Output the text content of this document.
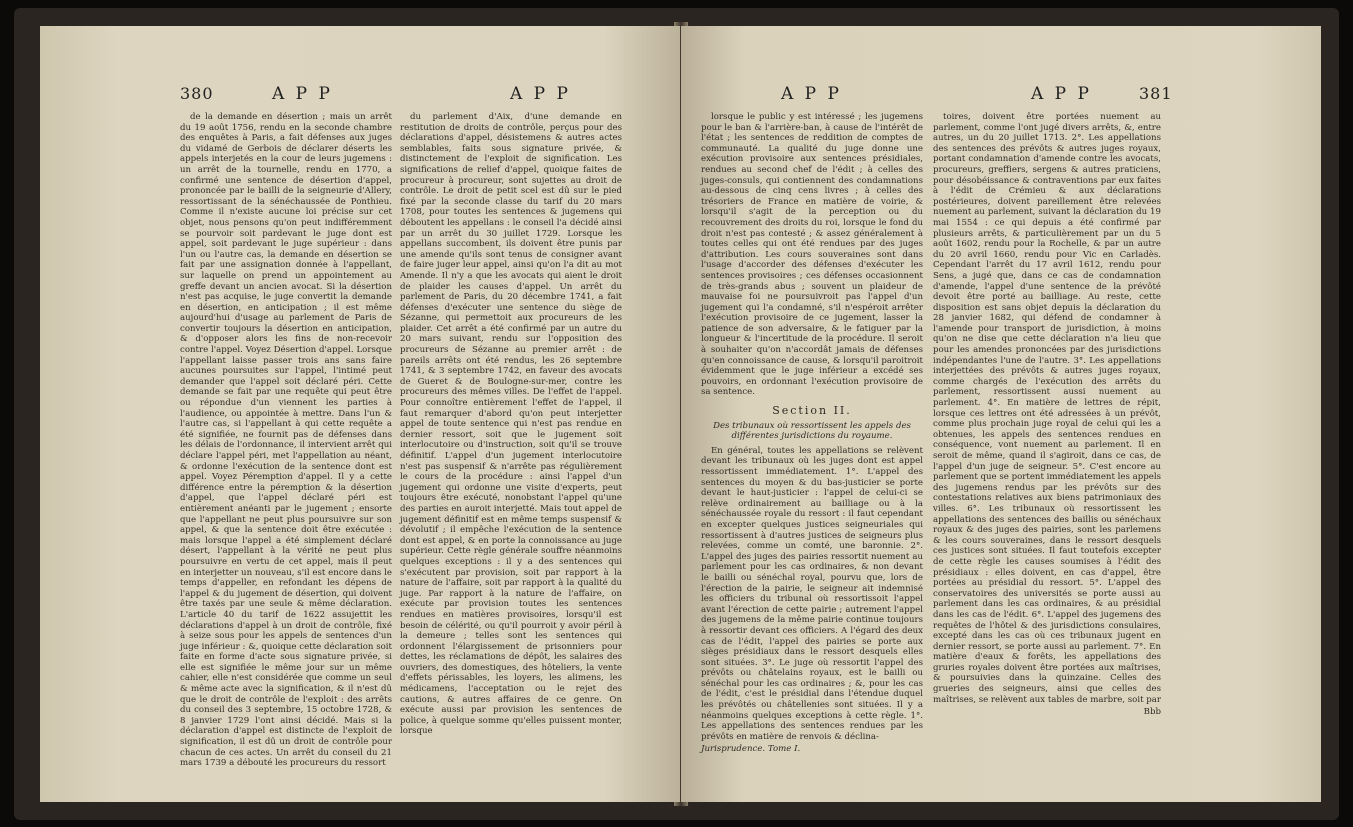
380	A P P	A P P

de la demande en désertion ; mais un arrêt du 19 août 1756, rendu en la seconde chambre des enquêtes à Paris, a fait défenses aux juges du vidamé de Gerbois de déclarer déserts les appels interjetés en la cour de leurs jugemens : un arrêt de la tournelle, rendu en 1770, a confirmé une sentence de désertion d'appel, prononcée par le bailli de la seigneurie d'Allery, ressortissant de la sénéchaussée de Ponthieu. Comme il n'existe aucune loi précise sur cet objet, nous pensons qu'on peut indifféremment se pourvoir soit pardevant le juge dont est appel, soit pardevant le juge supérieur : dans l'un ou l'autre cas, la demande en désertion se fait par une assignation donnée à l'appellant, sur laquelle on prend un appointement au greffe devant un ancien avocat. Si la désertion n'est pas acquise, le juge convertit la demande en désertion, en anticipation ; il est même aujourd'hui d'usage au parlement de Paris de convertir toujours la désertion en anticipation, & d'opposer alors les fins de non-recevoir contre l'appel. Voyez Désertion d'appel. Lorsque l'appellant laisse passer trois ans sans faire aucunes poursuites sur l'appel, l'intimé peut demander que l'appel soit déclaré péri. Cette demande se fait par une requête qui peut être ou répondue d'un viennent les parties à l'audience, ou appointée à mettre. Dans l'un & l'autre cas, si l'appellant à qui cette requête a été signifiée, ne fournit pas de défenses dans les délais de l'ordonnance, il intervient arrêt qui déclare l'appel péri, met l'appellation au néant, & ordonne l'exécution de la sentence dont est appel. Voyez Péremption d'appel. Il y a cette différence entre la péremption & la désertion d'appel, que l'appel déclaré péri est entièrement anéanti par le jugement ; ensorte que l'appellant ne peut plus poursuivre sur son appel, & que la sentence doit être exécutée : mais lorsque l'appel a été simplement déclaré désert, l'appellant à la vérité ne peut plus poursuivre en vertu de cet appel, mais il peut en interjetter un nouveau, s'il est encore dans le temps d'appeller, en refondant les dépens de l'appel & du jugement de désertion, qui doivent être taxés par une seule & même déclaration. L'article 40 du tarif de 1622 assujettit les déclarations d'appel à un droit de contrôle, fixé à seize sous pour les appels de sentences d'un juge inférieur : &, quoique cette déclaration soit faite en forme d'acte sous signature privée, si elle est signifiée le même jour sur un même cahier, elle n'est considérée que comme un seul & même acte avec la signification, & il n'est dû que le droit de contrôle de l'exploit : des arrêts du conseil des 3 septembre, 15 octobre 1728, & 8 janvier 1729 l'ont ainsi décidé. Mais si la déclaration d'appel est distincte de l'exploit de signification, il est dû un droit de contrôle pour chacun de ces actes. Un arrêt du conseil du 21 mars 1739 a débouté les procureurs du ressort

du parlement d'Aix, d'une demande en restitution de droits de contrôle, perçus pour des déclarations d'appel, désistemens & autres actes semblables, faits sous signature privée, & distinctement de l'exploit de signification. Les significations de relief d'appel, quoique faites de procureur à procureur, sont sujettes au droit de contrôle. Le droit de petit scel est dû sur le pied fixé par la seconde classe du tarif du 20 mars 1708, pour toutes les sentences & jugemens qui déboutent les appellans : le conseil l'a décidé ainsi par un arrêt du 30 juillet 1729. Lorsque les appellans succombent, ils doivent être punis par une amende qu'ils sont tenus de consigner avant de faire juger leur appel, ainsi qu'on l'a dit au mot Amende. Il n'y a que les avocats qui aient le droit de plaider les causes d'appel. Un arrêt du parlement de Paris, du 20 décembre 1741, a fait défenses d'exécuter une sentence du siège de Sézanne, qui permettoit aux procureurs de les plaider. Cet arrêt a été confirmé par un autre du 20 mars suivant, rendu sur l'opposition des procureurs de Sézanne au premier arrêt : de pareils arrêts ont été rendus, les 26 septembre 1741, & 3 septembre 1742, en faveur des avocats de Gueret & de Boulogne-sur-mer, contre les procureurs des mêmes villes. De l'effet de l'appel. Pour connoître entièrement l'effet de l'appel, il faut remarquer d'abord qu'on peut interjetter appel de toute sentence qui n'est pas rendue en dernier ressort, soit que le jugement soit interlocutoire ou d'instruction, soit qu'il se trouve définitif. L'appel d'un jugement interlocutoire n'est pas suspensif & n'arrête pas régulièrement le cours de la procédure : ainsi l'appel d'un jugement qui ordonne une visite d'experts, peut toujours être exécuté, nonobstant l'appel qu'une des parties en auroit interjetté. Mais tout appel de jugement définitif est en même temps suspensif & dévolutif ; il empêche l'exécution de la sentence dont est appel, & en porte la connoissance au juge supérieur. Cette règle générale souffre néanmoins quelques exceptions : il y a des sentences qui s'exécutent par provision, soit par rapport à la nature de l'affaire, soit par rapport à la qualité du juge. Par rapport à la nature de l'affaire, on exécute par provision toutes les sentences rendues en matières provisoires, lorsqu'il est besoin de célérité, ou qu'il pourroit y avoir péril à la demeure ; telles sont les sentences qui ordonnent l'élargissement de prisonniers pour dettes, les réclamations de dépôt, les salaires des ouvriers, des domestiques, des hôteliers, la vente d'effets périssables, les loyers, les alimens, les médicamens, l'acceptation ou le rejet des cautions, & autres affaires de ce genre. On exécute aussi par provision les sentences de police, à quelque somme qu'elles puissent monter, lorsque

A P P	A P P	381

lorsque le public y est intéressé ; les jugemens pour le ban & l'arrière-ban, à cause de l'intérêt de l'état ; les sentences de reddition de comptes de communauté. La qualité du juge donne une exécution provisoire aux sentences présidiales, rendues au second chef de l'édit ; à celles des juges-consuls, qui contiennent des condamnations au-dessous de cinq cens livres ; à celles des trésoriers de France en matière de voirie, & lorsqu'il s'agit de la perception ou du recouvrement des droits du roi, lorsque le fond du droit n'est pas contesté ; & assez généralement à toutes celles qui ont été rendues par des juges d'attribution. Les cours souveraines sont dans l'usage d'accorder des défenses d'exécuter les sentences provisoires ; ces défenses occasionnent de très-grands abus ; souvent un plaideur de mauvaise foi ne poursuivroit pas l'appel d'un jugement qui l'a condamné, s'il n'espéroit arrêter l'exécution provisoire de ce jugement, lasser la patience de son adversaire, & le fatiguer par la longueur & l'incertitude de la procédure. Il seroit à souhaiter qu'on n'accordât jamais de défenses qu'en connoissance de cause, & lorsqu'il paroitroit évidemment que le juge inférieur a excédé ses pouvoirs, en ordonnant l'exécution provisoire de sa sentence.

Section II.
Des tribunaux où ressortissent les appels des différentes jurisdictions du royaume.

En général, toutes les appellations se relèvent devant les tribunaux où les juges dont est appel ressortissent immédiatement. 1°. L'appel des sentences du moyen & du bas-justicier se porte devant le haut-justicier : l'appel de celui-ci se relève ordinairement au bailliage ou à la sénéchaussée royale du ressort : il faut cependant en excepter quelques justices seigneuriales qui ressortissent à d'autres justices de seigneurs plus relevées, comme un comté, une baronnie. 2°. L'appel des juges des pairies ressortit nuement au parlement pour les cas ordinaires, & non devant le bailli ou sénéchal royal, pourvu que, lors de l'érection de la pairie, le seigneur ait indemnisé les officiers du tribunal où ressortissoit l'appel avant l'érection de cette pairie ; autrement l'appel des jugemens de la même pairie continue toujours à ressortir devant ces officiers. A l'égard des deux cas de l'édit, l'appel des pairies se porte aux sièges présidiaux dans le ressort desquels elles sont situées. 3°. Le juge où ressortit l'appel des prévôts ou châtelains royaux, est le bailli ou sénéchal pour les cas ordinaires ; &, pour les cas de l'édit, c'est le présidial dans l'étendue duquel les prévôtés ou châtellenies sont situées. Il y a néanmoins quelques exceptions à cette règle. 1°. Les appellations des sentences rendues par les prévôts en matière de renvois & déclina-

Jurisprudence. Tome I.

toires, doivent être portées nuement au parlement, comme l'ont jugé divers arrêts, &, entre autres, un du 20 juillet 1713. 2°. Les appellations des sentences des prévôts & autres juges royaux, portant condamnation d'amende contre les avocats, procureurs, greffiers, sergens & autres praticiens, pour désobéissance & contraventions par eux faites à l'édit de Crémieu & aux déclarations postérieures, doivent pareillement être relevées nuement au parlement, suivant la déclaration du 19 mai 1554 : ce qui depuis a été confirmé par plusieurs arrêts, & particulièrement par un du 5 août 1602, rendu pour la Rochelle, & par un autre du 20 avril 1660, rendu pour Vic en Carladès. Cependant l'arrêt du 17 avril 1612, rendu pour Sens, a jugé que, dans ce cas de condamnation d'amende, l'appel d'une sentence de la prévôté devoit être porté au bailliage. Au reste, cette disposition est sans objet depuis la déclaration du 28 janvier 1682, qui défend de condamner à l'amende pour transport de jurisdiction, à moins qu'on ne dise que cette déclaration n'a lieu que pour les amendes prononcées par des jurisdictions indépendantes l'une de l'autre. 3°. Les appellations interjettées des prévôts & autres juges royaux, comme chargés de l'exécution des arrêts du parlement, ressortissent aussi nuement au parlement. 4°. En matière de lettres de répit, lorsque ces lettres ont été adressées à un prévôt, comme plus prochain juge royal de celui qui les a obtenues, les appels des sentences rendues en conséquence, vont nuement au parlement. Il en seroit de même, quand il s'agiroit, dans ce cas, de l'appel d'un juge de seigneur. 5°. C'est encore au parlement que se portent immédiatement les appels des jugemens rendus par les prévôts sur des contestations relatives aux biens patrimoniaux des villes. 6°. Les tribunaux où ressortissent les appellations des sentences des baillis ou sénéchaux royaux & des juges des pairies, sont les parlemens & les cours souveraines, dans le ressort desquels ces justices sont situées. Il faut toutefois excepter de cette règle les causes soumises à l'édit des présidiaux : elles doivent, en cas d'appel, être portées au présidial du ressort. 5°. L'appel des conservatoires des universités se porte aussi au parlement dans les cas ordinaires, & au présidial dans les cas de l'édit. 6°. L'appel des jugemens des requêtes de l'hôtel & des jurisdictions consulaires, excepté dans les cas où ces tribunaux jugent en dernier ressort, se porte aussi au parlement. 7°. En matière d'eaux & forêts, les appellations des gruries royales doivent être portées aux maîtrises, & poursuivies dans la quinzaine. Celles des grueries des seigneurs, ainsi que celles des maîtrises, se relèvent aux tables de marbre, soit par

Bbb
